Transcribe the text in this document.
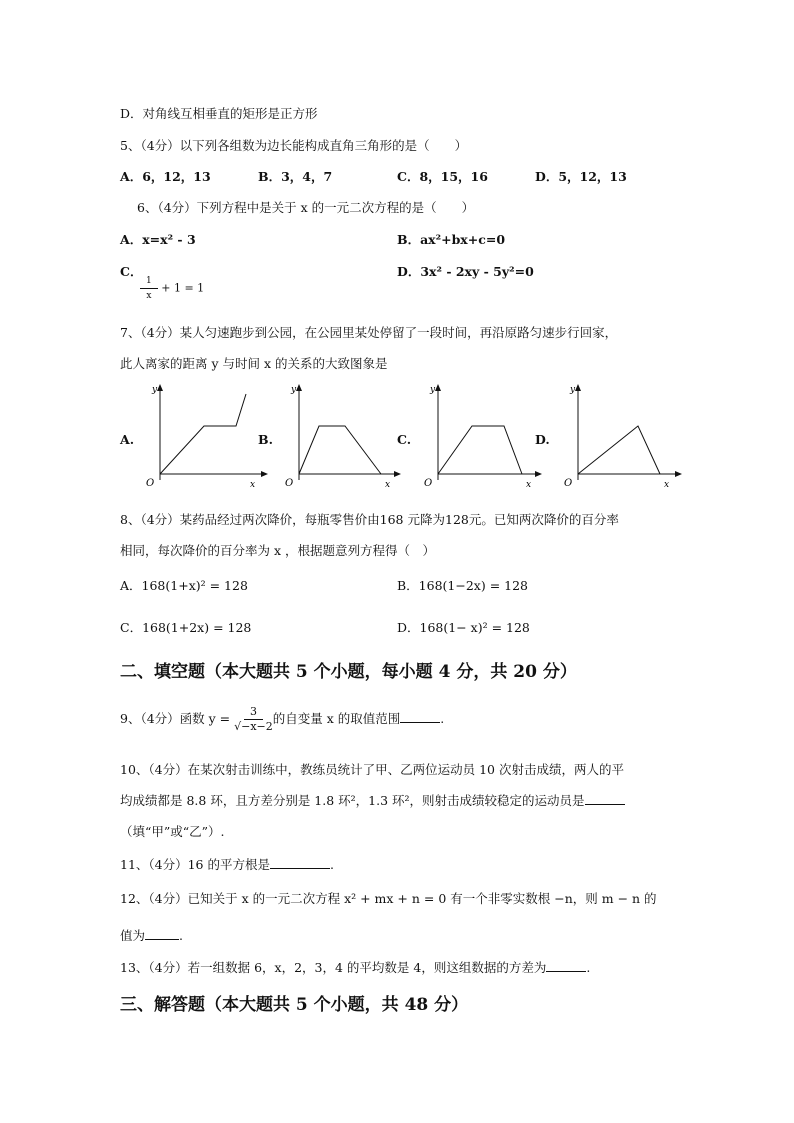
D．对角线互相垂直的矩形是正方形
5、（4分）以下列各组数为边长能构成直角三角形的是（　　）
A．6，12，13	B．3，4，7	C．8，15，16	D．5，12，13
6、（4分）下列方程中是关于 x 的一元二次方程的是（　　）
A．x=x² - 3	B．ax²+bx+c=0
C．
$\frac{1}{x} + 1 = 1$
D．3x² - 2xy - 5y²=0
7、（4分）某人匀速跑步到公园，在公园里某处停留了一段时间，再沿原路匀速步行回家，
此人离家的距离 y 与时间 x 的关系的大致图象是
A.	B.	C.	D.
y
x
O
y
x
O
y
x
O
y
x
O
8、（4分）某药品经过两次降价，每瓶零售价由168 元降为128元。已知两次降价的百分率
相同，每次降价的百分率为 x ，根据题意列方程得（　）
A．168(1+x)² = 128	B．168(1−2x) = 128
C．168(1+2x) = 128	D．168(1− x)² = 128
二、填空题（本大题共 5 个小题，每小题 4 分，共 20 分）
9、（4分）函数 $y = \frac{3}{√-x-2}$ 的自变量 x 的取值范围	.
10、（4分）在某次射击训练中，教练员统计了甲、乙两位运动员 10 次射击成绩，两人的平
均成绩都是 8.8 环，且方差分别是 1.8 环²，1.3 环²，则射击成绩较稳定的运动员是
（填“甲”或“乙”）.
11、（4分）16 的平方根是	.
12、（4分）已知关于 x 的一元二次方程 x² + mx + n = 0 有一个非零实数根 −n，则 m − n 的
值为	.
13、（4分）若一组数据 6，x，2，3，4 的平均数是 4，则这组数据的方差为	.
三、解答题（本大题共 5 个小题，共 48 分）
